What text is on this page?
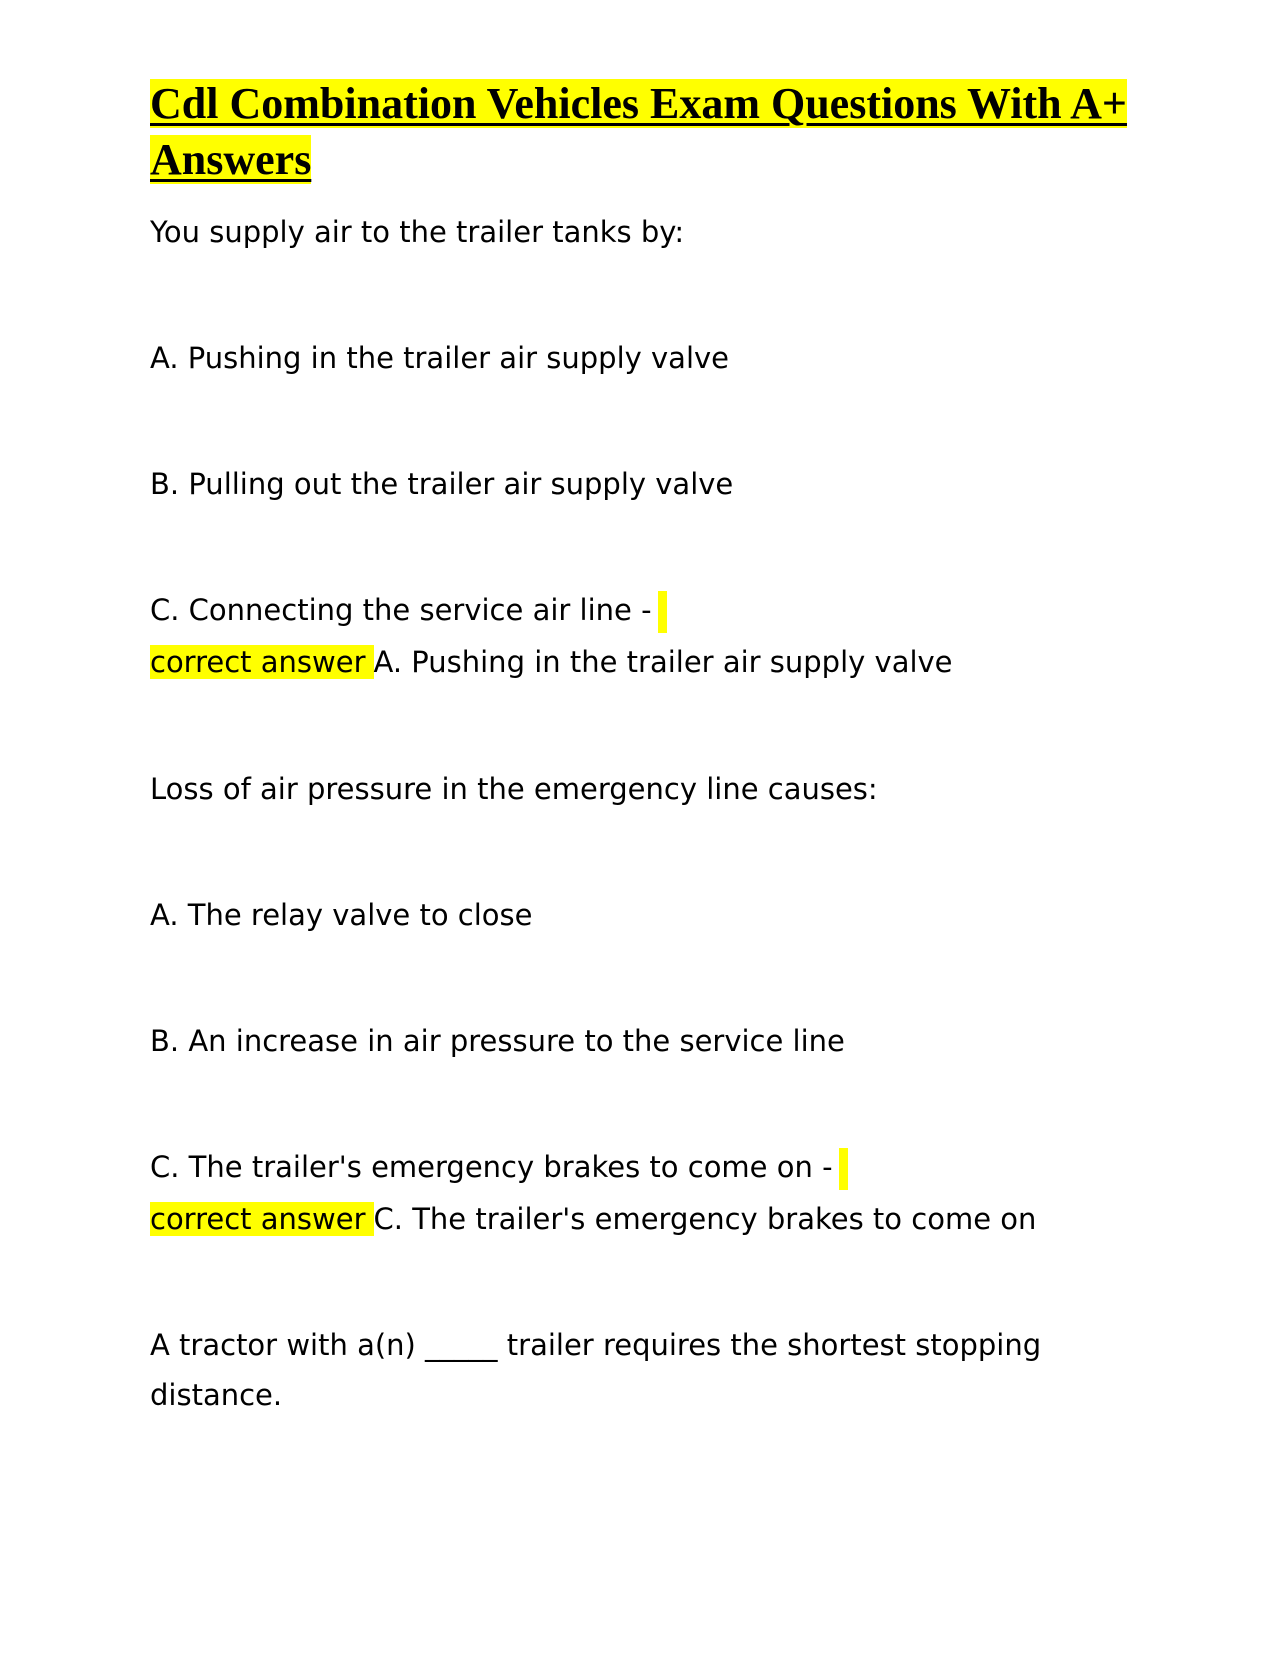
Cdl Combination Vehicles Exam Questions With A+ Answers
You supply air to the trailer tanks by:
A. Pushing in the trailer air supply valve
B. Pulling out the trailer air supply valve
C. Connecting the service air line -
correct answer A. Pushing in the trailer air supply valve
Loss of air pressure in the emergency line causes:
A. The relay valve to close
B. An increase in air pressure to the service line
C. The trailer's emergency brakes to come on -
correct answer C. The trailer's emergency brakes to come on
A tractor with a(n) _____ trailer requires the shortest stopping distance.
